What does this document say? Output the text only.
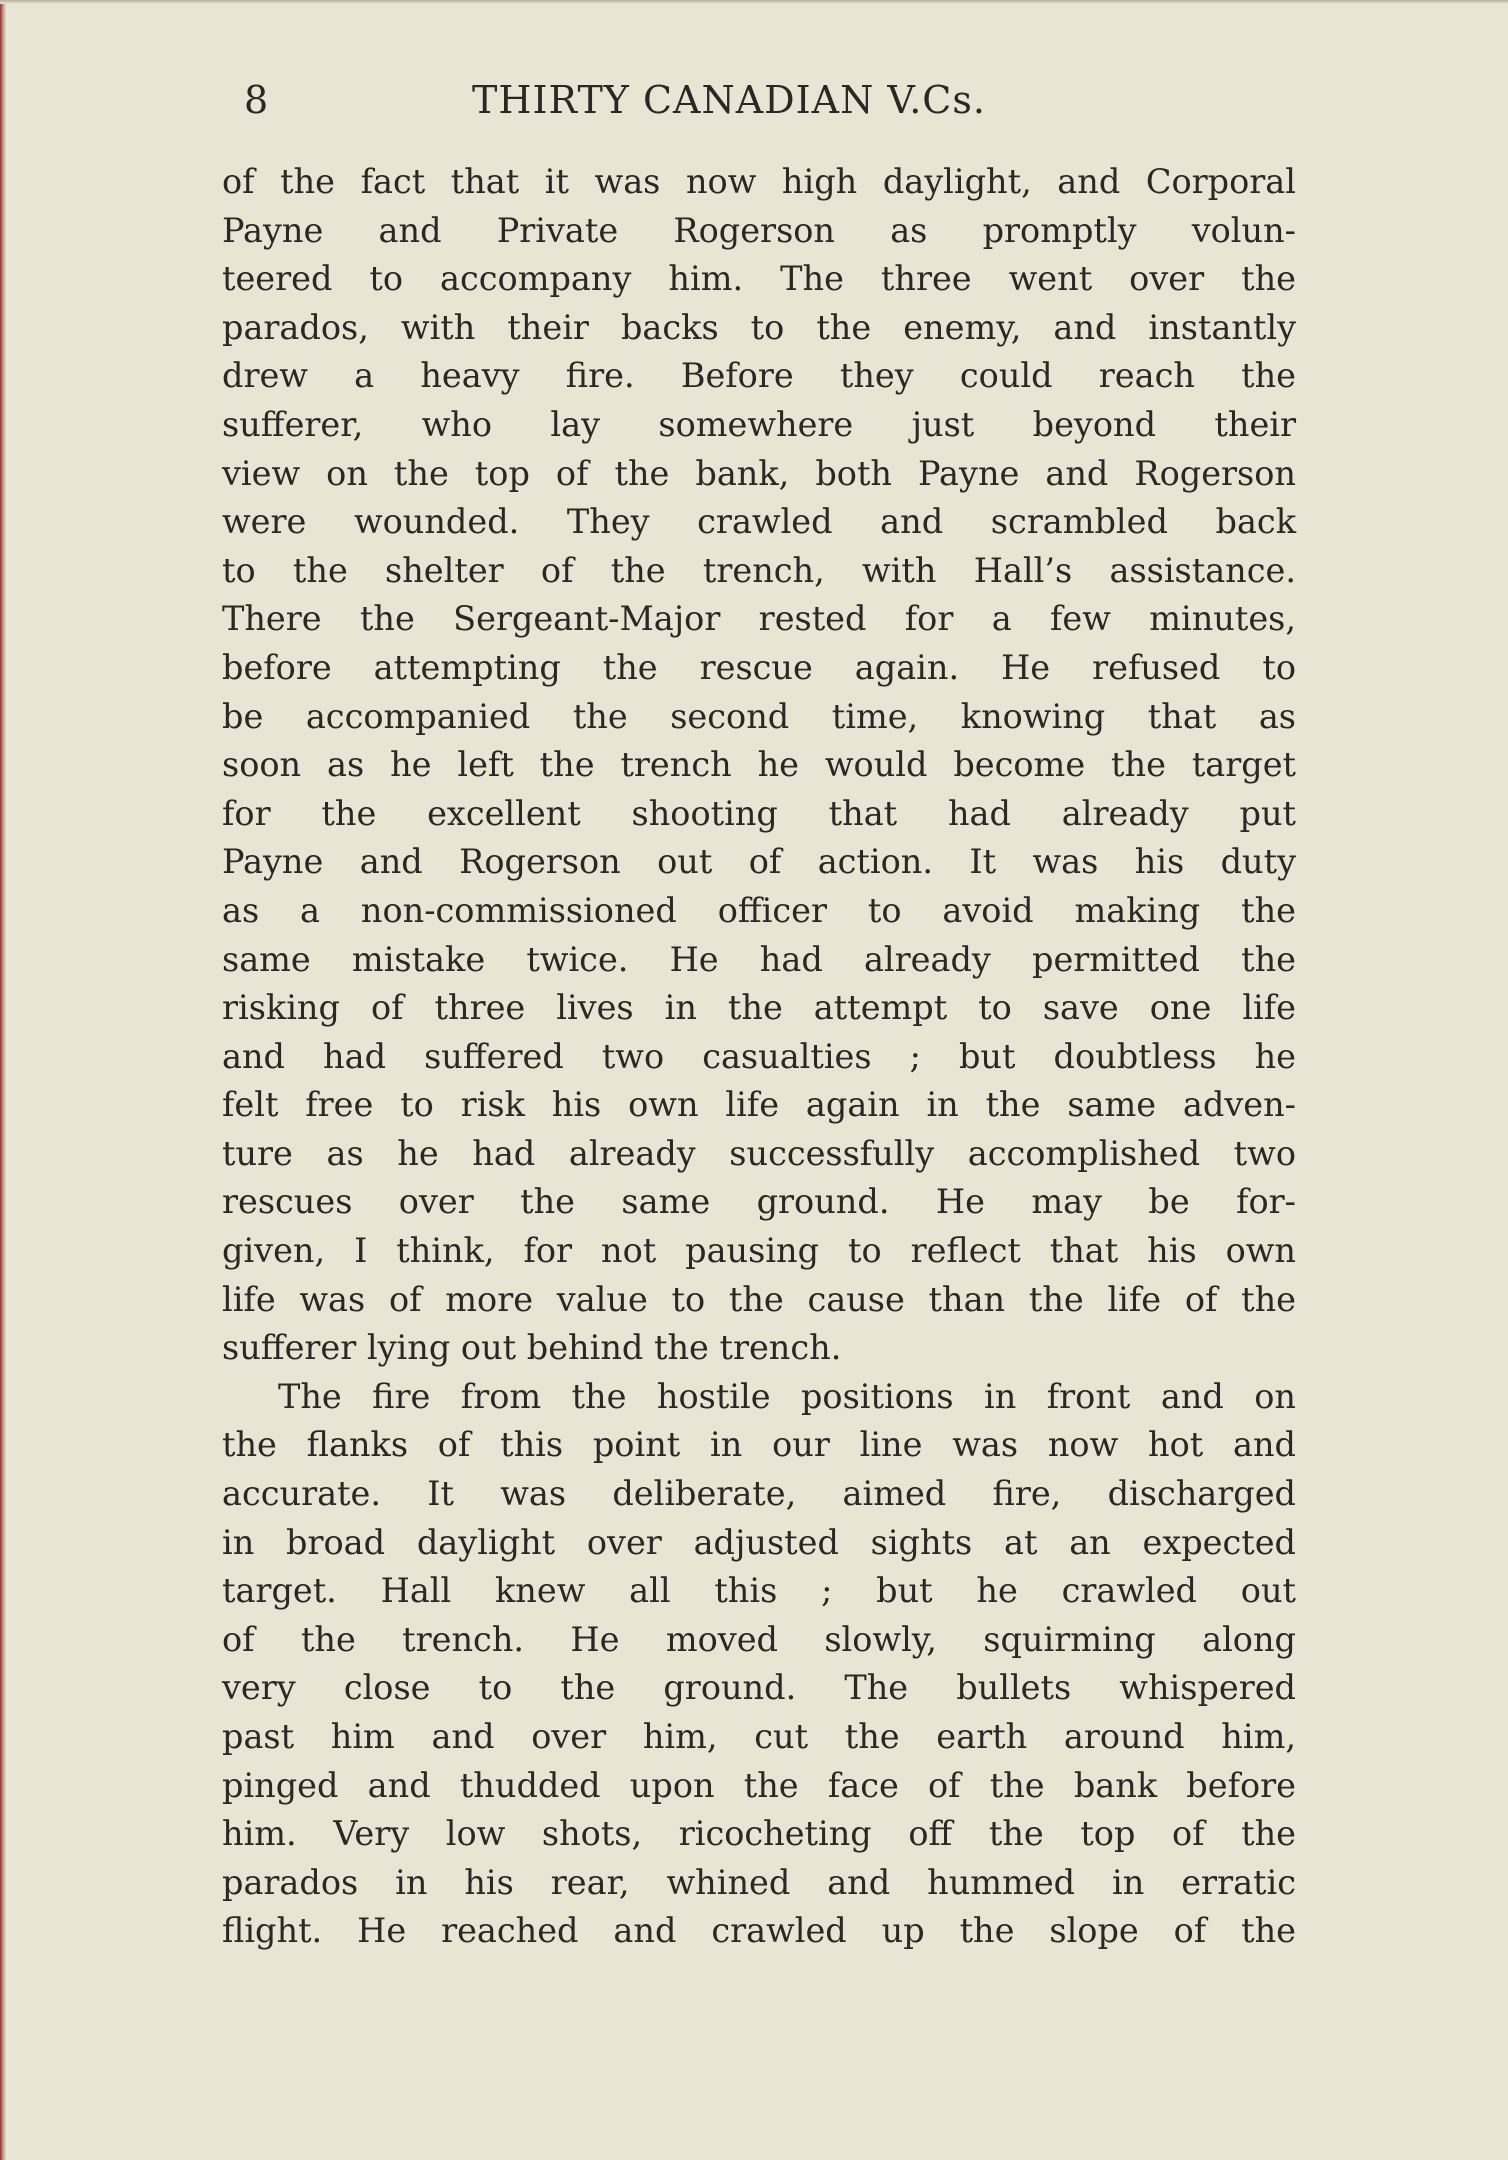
8	THIRTY CANADIAN V.Cs.
of the fact that it was now high daylight, and Corporal
Payne and Private Rogerson as promptly volun-
teered to accompany him. The three went over the
parados, with their backs to the enemy, and instantly
drew a heavy fire. Before they could reach the
sufferer, who lay somewhere just beyond their
view on the top of the bank, both Payne and Rogerson
were wounded. They crawled and scrambled back
to the shelter of the trench, with Hall’s assistance.
There the Sergeant-Major rested for a few minutes,
before attempting the rescue again. He refused to
be accompanied the second time, knowing that as
soon as he left the trench he would become the target
for the excellent shooting that had already put
Payne and Rogerson out of action. It was his duty
as a non-commissioned officer to avoid making the
same mistake twice. He had already permitted the
risking of three lives in the attempt to save one life
and had suffered two casualties ; but doubtless he
felt free to risk his own life again in the same adven-
ture as he had already successfully accomplished two
rescues over the same ground. He may be for-
given, I think, for not pausing to reflect that his own
life was of more value to the cause than the life of the
sufferer lying out behind the trench.
The fire from the hostile positions in front and on
the flanks of this point in our line was now hot and
accurate. It was deliberate, aimed fire, discharged
in broad daylight over adjusted sights at an expected
target. Hall knew all this ; but he crawled out
of the trench. He moved slowly, squirming along
very close to the ground. The bullets whispered
past him and over him, cut the earth around him,
pinged and thudded upon the face of the bank before
him. Very low shots, ricocheting off the top of the
parados in his rear, whined and hummed in erratic
flight. He reached and crawled up the slope of the
